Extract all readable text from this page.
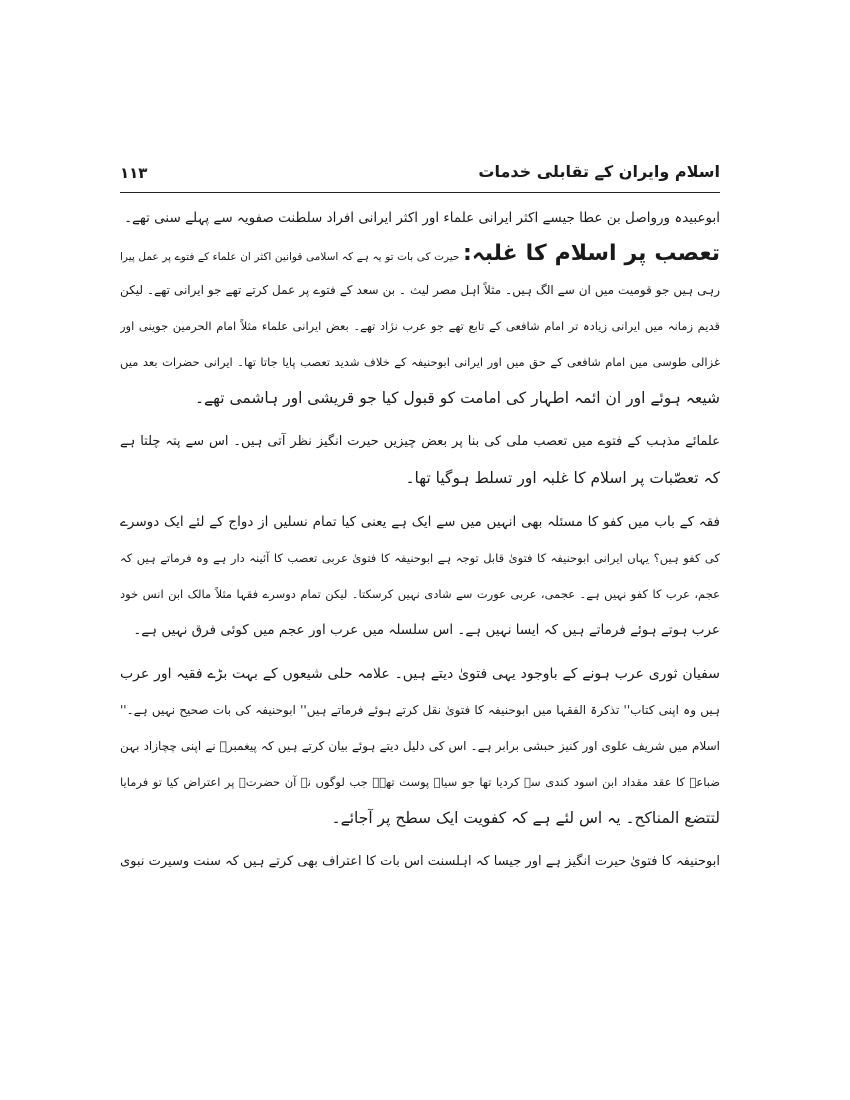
١١٣	اسلام وایران کے تقابلی خدمات
ابوعبیدہ ورواصل بن عطا جیسے اکثر ایرانی علماء اور اکثر ایرانی افراد سلطنت صفویہ سے پہلے سنی تھے۔
تعصب پر اسلام کا غلبہ: حیرت کی بات تو یہ ہے کہ اسلامی قوانین اکثر ان علماء کے فتوے پر عمل پیرا
رہی ہیں جو قومیت میں ان سے الگ ہیں۔ مثلاً اہل مصر لیث ۔ بن سعد کے فتوے پر عمل کرتے تھے جو ایرانی تھے۔ لیکن
قدیم زمانہ میں ایرانی زیادہ تر امام شافعی کے تابع تھے جو عرب نژاد تھے۔ بعض ایرانی علماء مثلاً امام الحرمین جوینی اور
غزالی طوسی میں امام شافعی کے حق میں اور ایرانی ابوحنیفہ کے خلاف شدید تعصب پایا جاتا تھا۔ ایرانی حضرات بعد میں
شیعہ ہوئے اور ان ائمہ اطہار کی امامت کو قبول کیا جو قریشی اور ہاشمی تھے۔
علمائے مذہب کے فتوے میں تعصب ملی کی بنا پر بعض چیزیں حیرت انگیز نظر آتی ہیں۔ اس سے پتہ چلتا ہے
کہ تعصّبات پر اسلام کا غلبہ اور تسلط ہوگیا تھا۔
فقہ کے باب میں کفو کا مسئلہ بھی انہیں میں سے ایک ہے یعنی کیا تمام نسلیں از دواج کے لئے ایک دوسرے
کی کفو ہیں؟ یہاں ایرانی ابوحنیفہ کا فتویٰ قابل توجہ ہے ابوحنیفہ کا فتویٰ عربی تعصب کا آئینہ دار ہے وہ فرماتے ہیں کہ
عجم، عرب کا کفو نہیں ہے۔ عجمی، عربی عورت سے شادی نہیں کرسکتا۔ لیکن تمام دوسرے فقہا مثلاً مالک ابن انس خود
عرب ہوتے ہوئے فرماتے ہیں کہ ایسا نہیں ہے۔ اس سلسلہ میں عرب اور عجم میں کوئی فرق نہیں ہے۔
سفیان ثوری عرب ہونے کے باوجود یہی فتویٰ دیتے ہیں۔ علامہ حلی شیعوں کے بہت بڑے فقیہ اور عرب
ہیں وہ اپنی کتاب'' تذکرۃ الفقہا میں ابوحنیفہ کا فتویٰ نقل کرتے ہوئے فرماتے ہیں'' ابوحنیفہ کی بات صحیح نہیں ہے۔''
اسلام میں شریف علوی اور کنیز حبشی برابر ہے۔ اس کی دلیل دیتے ہوئے بیان کرتے ہیں کہ پیغمبرؐ نے اپنی چچازاد بہن
ضباعہ کا عقد مقداد ابن اسود کندی سے کردیا تھا جو سیاہ پوست تھے۔ جب لوگوں نے آن حضرتؐ پر اعتراض کیا تو فرمایا
لتتضع المناکح۔ یہ اس لئے ہے کہ کفویت ایک سطح پر آجائے۔
ابوحنیفہ کا فتویٰ حیرت انگیز ہے اور جیسا کہ اہلسنت اس بات کا اعتراف بھی کرتے ہیں کہ سنت وسیرت نبوی
